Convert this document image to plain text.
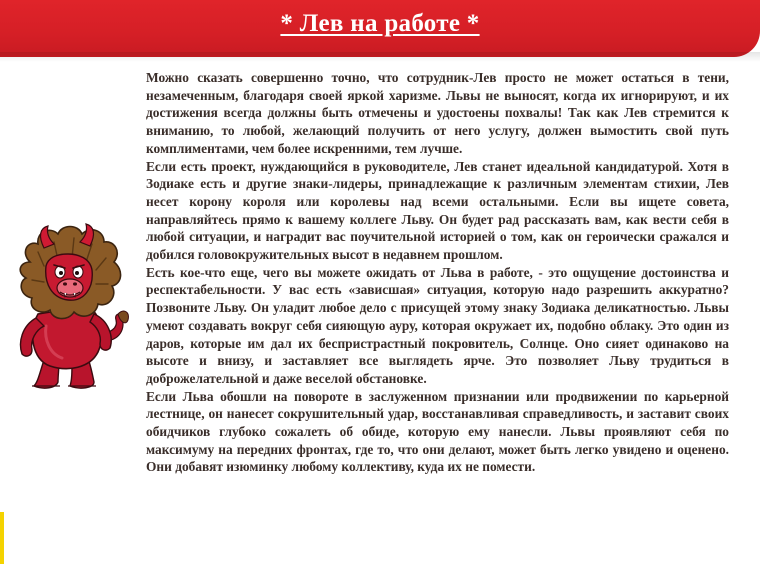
* Лев на работе *

Можно сказать совершенно точно, что сотрудник-Лев просто не может остаться в тени, незамеченным, благодаря своей яркой харизме. Львы не выносят, когда их игнорируют, и их достижения всегда должны быть отмечены и удостоены похвалы! Так как Лев стремится к вниманию, то любой, желающий получить от него услугу, должен вымостить свой путь комплиментами, чем более искренними, тем лучше.

Если есть проект, нуждающийся в руководителе, Лев станет идеальной кандидатурой. Хотя в Зодиаке есть и другие знаки-лидеры, принадлежащие к различным элементам стихии, Лев несет корону короля или королевы над всеми остальными. Если вы ищете совета, направляйтесь прямо к вашему коллеге Льву. Он будет рад рассказать вам, как вести себя в любой ситуации, и наградит вас поучительной историей о том, как он героически сражался и добился головокружительных высот в недавнем прошлом.

Есть кое-что еще, чего вы можете ожидать от Льва в работе, - это ощущение достоинства и респектабельности. У вас есть «зависшая» ситуация, которую надо разрешить аккуратно? Позвоните Льву. Он уладит любое дело с присущей этому знаку Зодиака деликатностью. Львы умеют создавать вокруг себя сияющую ауру, которая окружает их, подобно облаку. Это один из даров, которые им дал их беспристрастный покровитель, Солнце. Оно сияет одинаково на высоте и внизу, и заставляет все выглядеть ярче. Это позволяет Льву трудиться в доброжелательной и даже веселой обстановке.

Если Льва обошли на повороте в заслуженном признании или продвижении по карьерной лестнице, он нанесет сокрушительный удар, восстанавливая справедливость, и заставит своих обидчиков глубоко сожалеть об обиде, которую ему нанесли. Львы проявляют себя по максимуму на передних фронтах, где то, что они делают, может быть легко увидено и оценено. Они добавят изюминку любому коллективу, куда их не помести.
